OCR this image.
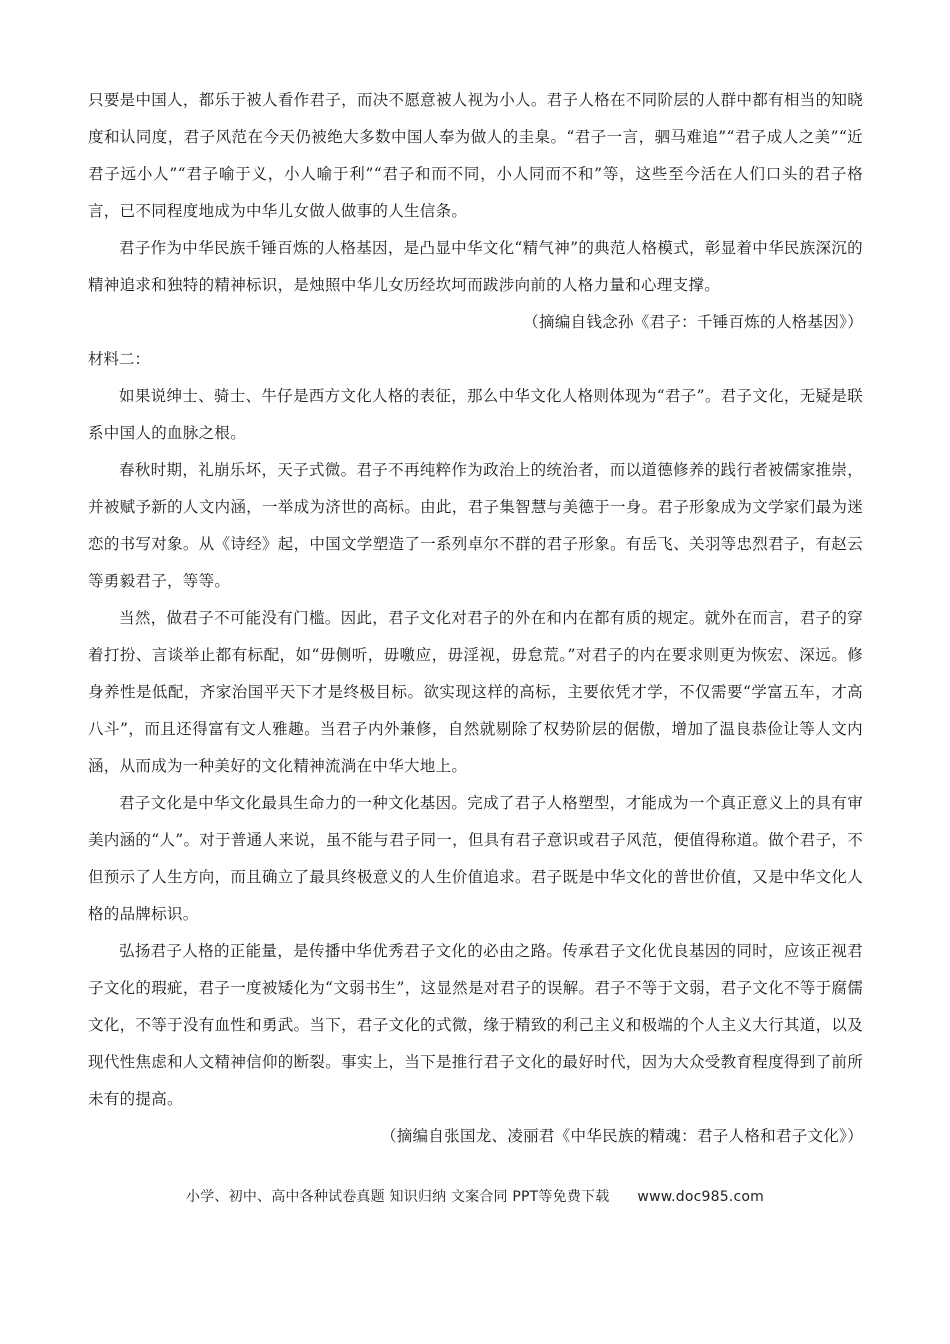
只要是中国人，都乐于被人看作君子，而决不愿意被人视为小人。君子人格在不同阶层的人群中都有相当的知晓度和认同度，君子风范在今天仍被绝大多数中国人奉为做人的圭臬。“君子一言，驷马难追”“君子成人之美”“近君子远小人”“君子喻于义，小人喻于利”“君子和而不同，小人同而不和”等，这些至今活在人们口头的君子格言，已不同程度地成为中华儿女做人做事的人生信条。

君子作为中华民族千锤百炼的人格基因，是凸显中华文化“精气神”的典范人格模式，彰显着中华民族深沉的精神追求和独特的精神标识，是烛照中华儿女历经坎坷而跋涉向前的人格力量和心理支撑。

（摘编自钱念孙《君子：千锤百炼的人格基因》）

材料二：

如果说绅士、骑士、牛仔是西方文化人格的表征，那么中华文化人格则体现为“君子”。君子文化，无疑是联系中国人的血脉之根。

春秋时期，礼崩乐坏，天子式微。君子不再纯粹作为政治上的统治者，而以道德修养的践行者被儒家推崇，并被赋予新的人文内涵，一举成为济世的高标。由此，君子集智慧与美德于一身。君子形象成为文学家们最为迷恋的书写对象。从《诗经》起，中国文学塑造了一系列卓尔不群的君子形象。有岳飞、关羽等忠烈君子，有赵云等勇毅君子，等等。

当然，做君子不可能没有门槛。因此，君子文化对君子的外在和内在都有质的规定。就外在而言，君子的穿着打扮、言谈举止都有标配，如“毋侧听，毋噭应，毋淫视，毋怠荒。”对君子的内在要求则更为恢宏、深远。修身养性是低配，齐家治国平天下才是终极目标。欲实现这样的高标，主要依凭才学，不仅需要“学富五车，才高八斗”，而且还得富有文人雅趣。当君子内外兼修，自然就剔除了权势阶层的倨傲，增加了温良恭俭让等人文内涵，从而成为一种美好的文化精神流淌在中华大地上。

君子文化是中华文化最具生命力的一种文化基因。完成了君子人格塑型，才能成为一个真正意义上的具有审美内涵的“人”。对于普通人来说，虽不能与君子同一，但具有君子意识或君子风范，便值得称道。做个君子，不但预示了人生方向，而且确立了最具终极意义的人生价值追求。君子既是中华文化的普世价值，又是中华文化人格的品牌标识。

弘扬君子人格的正能量，是传播中华优秀君子文化的必由之路。传承君子文化优良基因的同时，应该正视君子文化的瑕疵，君子一度被矮化为“文弱书生”，这显然是对君子的误解。君子不等于文弱，君子文化不等于腐儒文化，不等于没有血性和勇武。当下，君子文化的式微，缘于精致的利己主义和极端的个人主义大行其道，以及现代性焦虑和人文精神信仰的断裂。事实上，当下是推行君子文化的最好时代，因为大众受教育程度得到了前所未有的提高。

（摘编自张国龙、凌丽君《中华民族的精魂：君子人格和君子文化》）

小学、初中、高中各种试卷真题 知识归纳 文案合同 PPT等免费下载 www.doc985.com
